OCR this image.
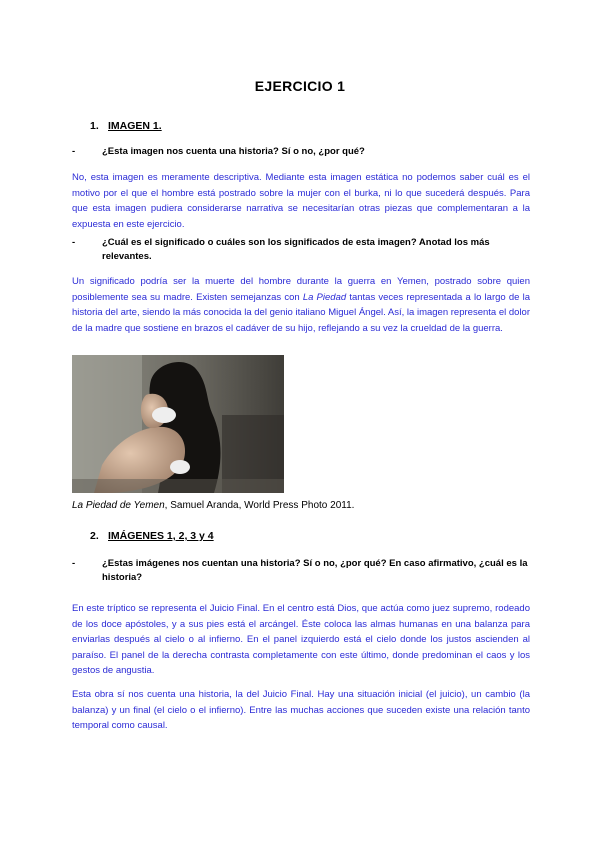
EJERCICIO 1
1. IMAGEN 1.
-	¿Esta imagen nos cuenta una historia? Sí o no, ¿por qué?

No, esta imagen es meramente descriptiva. Mediante esta imagen estática no podemos saber cuál es el motivo por el que el hombre está postrado sobre la mujer con el burka, ni lo que sucederá después. Para que esta imagen pudiera considerarse narrativa se necesitarían otras piezas que complementaran a la expuesta en este ejercicio.

-	¿Cuál es el significado o cuáles son los significados de esta imagen? Anotad los más relevantes.

Un significado podría ser la muerte del hombre durante la guerra en Yemen, postrado sobre quien posiblemente sea su madre. Existen semejanzas con La Piedad tantas veces representada a lo largo de la historia del arte, siendo la más conocida la del genio italiano Miguel Ángel. Así, la imagen representa el dolor de la madre que sostiene en brazos el cadáver de su hijo, reflejando a su vez la crueldad de la guerra.

La Piedad de Yemen, Samuel Aranda, World Press Photo 2011.
2. IMÁGENES 1, 2, 3 y 4
-	¿Estas imágenes nos cuentan una historia? Sí o no, ¿por qué? En caso afirmativo, ¿cuál es la historia?

En este tríptico se representa el Juicio Final. En el centro está Dios, que actúa como juez supremo, rodeado de los doce apóstoles, y a sus pies está el arcángel. Éste coloca las almas humanas en una balanza para enviarlas después al cielo o al infierno. En el panel izquierdo está el cielo donde los justos ascienden al paraíso. El panel de la derecha contrasta completamente con este último, donde predominan el caos y los gestos de angustia.

Esta obra sí nos cuenta una historia, la del Juicio Final. Hay una situación inicial (el juicio), un cambio (la balanza) y un final (el cielo o el infierno). Entre las muchas acciones que suceden existe una relación tanto temporal como causal.
